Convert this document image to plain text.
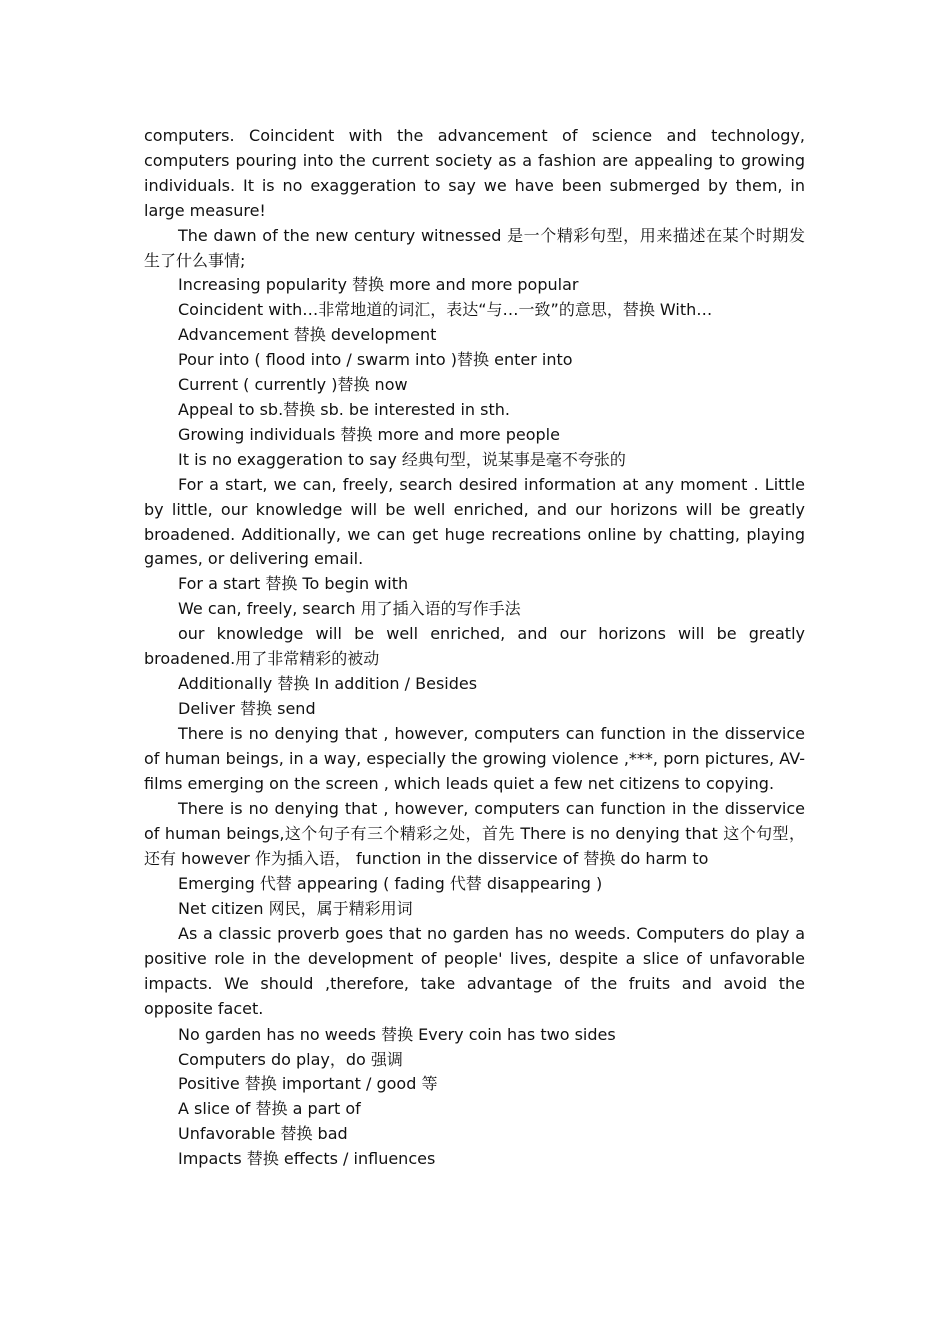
computers. Coincident with the advancement of science and technology, computers pouring into the current society as a fashion are appealing to growing individuals. It is no exaggeration to say we have been submerged by them, in large measure!

The dawn of the new century witnessed 是一个精彩句型，用来描述在某个时期发生了什么事情;

Increasing popularity 替换 more and more popular

Coincident with…非常地道的词汇，表达“与…一致”的意思，替换 With…

Advancement 替换 development

Pour into ( flood into / swarm into )替换 enter into

Current ( currently )替换 now

Appeal to sb.替换 sb. be interested in sth.

Growing individuals 替换 more and more people

It is no exaggeration to say 经典句型，说某事是毫不夸张的

For a start, we can, freely, search desired information at any moment . Little by little, our knowledge will be well enriched, and our horizons will be greatly broadened. Additionally, we can get huge recreations online by chatting, playing games, or delivering email.

For a start 替换 To begin with

We can, freely, search 用了插入语的写作手法

our knowledge will be well enriched, and our horizons will be greatly broadened.用了非常精彩的被动

Additionally 替换 In addition / Besides

Deliver 替换 send

There is no denying that , however, computers can function in the disservice of human beings, in a way, especially the growing violence ,***, porn pictures, AV-films emerging on the screen , which leads quiet a few net citizens to copying.

There is no denying that , however, computers can function in the disservice of human beings,这个句子有三个精彩之处，首先 There is no denying that 这个句型，还有 however 作为插入语， function in the disservice of 替换 do harm to

Emerging 代替 appearing ( fading 代替 disappearing )

Net citizen 网民，属于精彩用词

As a classic proverb goes that no garden has no weeds. Computers do play a positive role in the development of people' lives, despite a slice of unfavorable impacts. We should ,therefore, take advantage of the fruits and avoid the opposite facet.

No garden has no weeds 替换 Every coin has two sides

Computers do play，do 强调

Positive 替换 important / good 等

A slice of 替换 a part of

Unfavorable 替换 bad

Impacts 替换 effects / influences
